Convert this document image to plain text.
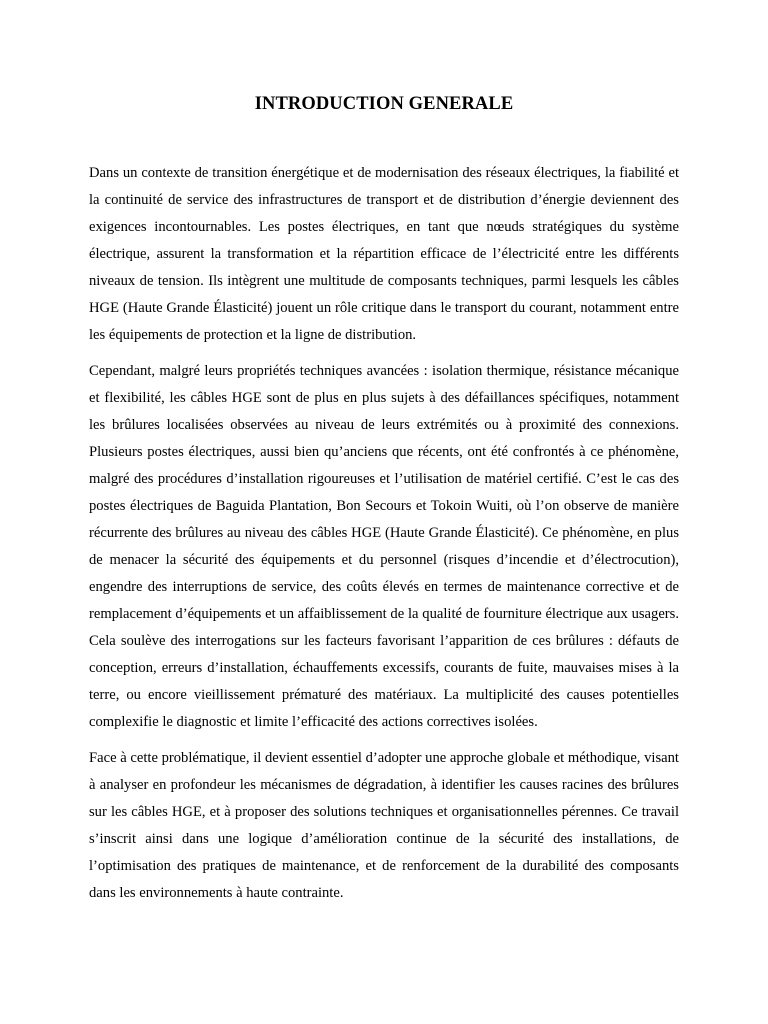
INTRODUCTION GENERALE

Dans un contexte de transition énergétique et de modernisation des réseaux électriques, la fiabilité et la continuité de service des infrastructures de transport et de distribution d’énergie deviennent des exigences incontournables. Les postes électriques, en tant que nœuds stratégiques du système électrique, assurent la transformation et la répartition efficace de l’électricité entre les différents niveaux de tension. Ils intègrent une multitude de composants techniques, parmi lesquels les câbles HGE (Haute Grande Élasticité) jouent un rôle critique dans le transport du courant, notamment entre les équipements de protection et la ligne de distribution.

Cependant, malgré leurs propriétés techniques avancées : isolation thermique, résistance mécanique et flexibilité, les câbles HGE sont de plus en plus sujets à des défaillances spécifiques, notamment les brûlures localisées observées au niveau de leurs extrémités ou à proximité des connexions. Plusieurs postes électriques, aussi bien qu’anciens que récents, ont été confrontés à ce phénomène, malgré des procédures d’installation rigoureuses et l’utilisation de matériel certifié. C’est le cas des postes électriques de Baguida Plantation, Bon Secours et Tokoin Wuiti, où l’on observe de manière récurrente des brûlures au niveau des câbles HGE (Haute Grande Élasticité). Ce phénomène, en plus de menacer la sécurité des équipements et du personnel (risques d’incendie et d’électrocution), engendre des interruptions de service, des coûts élevés en termes de maintenance corrective et de remplacement d’équipements et un affaiblissement de la qualité de fourniture électrique aux usagers. Cela soulève des interrogations sur les facteurs favorisant l’apparition de ces brûlures : défauts de conception, erreurs d’installation, échauffements excessifs, courants de fuite, mauvaises mises à la terre, ou encore vieillissement prématuré des matériaux. La multiplicité des causes potentielles complexifie le diagnostic et limite l’efficacité des actions correctives isolées.

Face à cette problématique, il devient essentiel d’adopter une approche globale et méthodique, visant à analyser en profondeur les mécanismes de dégradation, à identifier les causes racines des brûlures sur les câbles HGE, et à proposer des solutions techniques et organisationnelles pérennes. Ce travail s’inscrit ainsi dans une logique d’amélioration continue de la sécurité des installations, de l’optimisation des pratiques de maintenance, et de renforcement de la durabilité des composants dans les environnements à haute contrainte.
